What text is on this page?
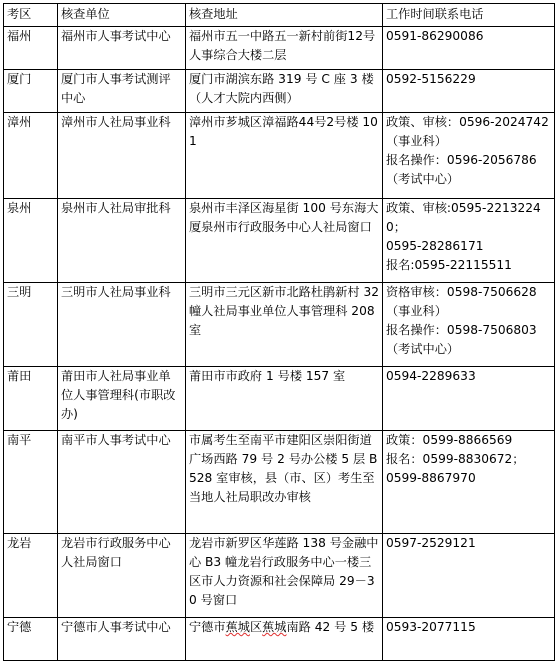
考区	核查单位	核查地址	工作时间联系电话
福州	福州市人事考试中心	福州市五一中路五一新村前街12号人事综合大楼二层	0591-86290086

厦门	厦门市人事考试测评中心	厦门市湖滨东路 319 号 C 座 3 楼（人才大院内西侧）	0592-5156229

漳州	漳州市人社局事业科	漳州市芗城区漳福路44号2号楼 101	政策、审核：0596-2024742
（事业科）
报名操作：0596-2056786
（考试中心）

泉州	泉州市人社局审批科	泉州市丰泽区海星街 100 号东海大厦泉州市行政服务中心人社局窗口	政策、审核:0595-22132240；
0595-28286171
报名:0595-22115511

三明	三明市人社局事业科	三明市三元区新市北路杜鹃新村 32 幢人社局事业单位人事管理科 208 室	资格审核：0598-7506628
（事业科）
报名操作：0598-7506803
（考试中心）

莆田	莆田市人社局事业单位人事管理科(市职改办)	莆田市市政府 1 号楼 157 室	0594-2289633

南平	南平市人事考试中心	市属考生至南平市建阳区崇阳街道广场西路 79 号 2 号办公楼 5 层 B528 室审核，县（市、区）考生至当地人社局职改办审核	政策：0599-8866569
报名：0599-8830672；
0599-8867970

龙岩	龙岩市行政服务中心人社局窗口	龙岩市新罗区华莲路 138 号金融中心 B3 幢龙岩行政服务中心一楼三区市人力资源和社会保障局 29－30 号窗口	0597-2529121

宁德	宁德市人事考试中心	宁德市蕉城区蕉城南路 42 号 5 楼	0593-2077115
